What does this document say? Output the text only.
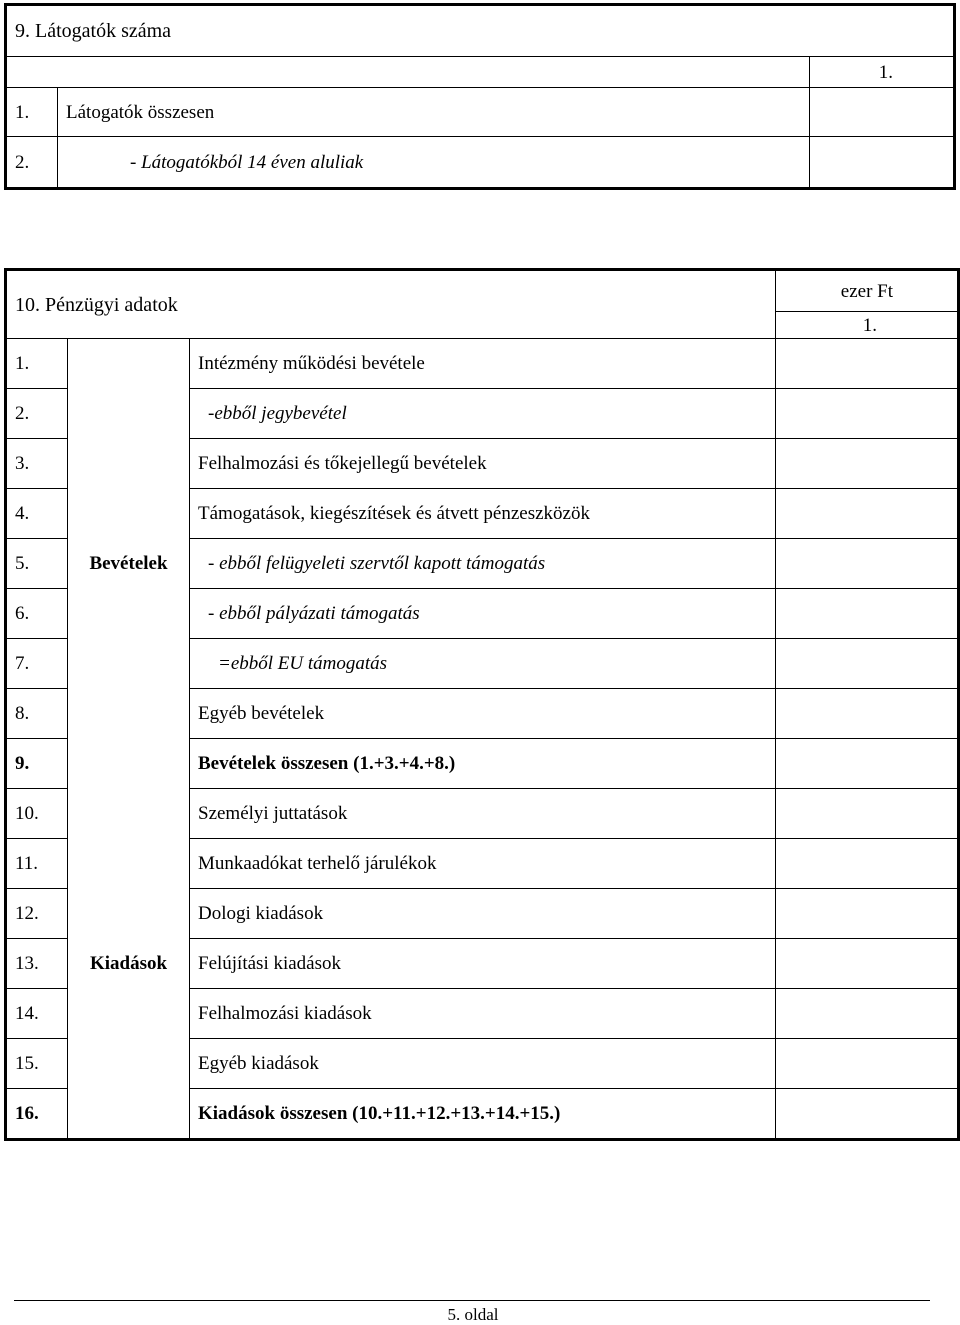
9. Látogatók száma		
		1.
1.	Látogatók összesen	
2.	- Látogatókból 14 éven aluliak	
10. Pénzügyi adatok			ezer Ft
			1.
1.	Bevételek	Intézmény működési bevétele	
2.		-ebből jegybevétel	
3.		Felhalmozási és tőkejellegű bevételek	
4.		Támogatások, kiegészítések és átvett pénzeszközök	
5.		- ebből felügyeleti szervtől kapott támogatás	
6.		- ebből pályázati támogatás	
7.		=ebből EU támogatás	
8.		Egyéb bevételek	
9.		Bevételek összesen (1.+3.+4.+8.)	
10.	Kiadások	Személyi juttatások	
11.		Munkaadókat terhelő járulékok	
12.		Dologi kiadások	
13.		Felújítási kiadások	
14.		Felhalmozási kiadások	
15.		Egyéb kiadások	
16.		Kiadások összesen (10.+11.+12.+13.+14.+15.)	
5. oldal
